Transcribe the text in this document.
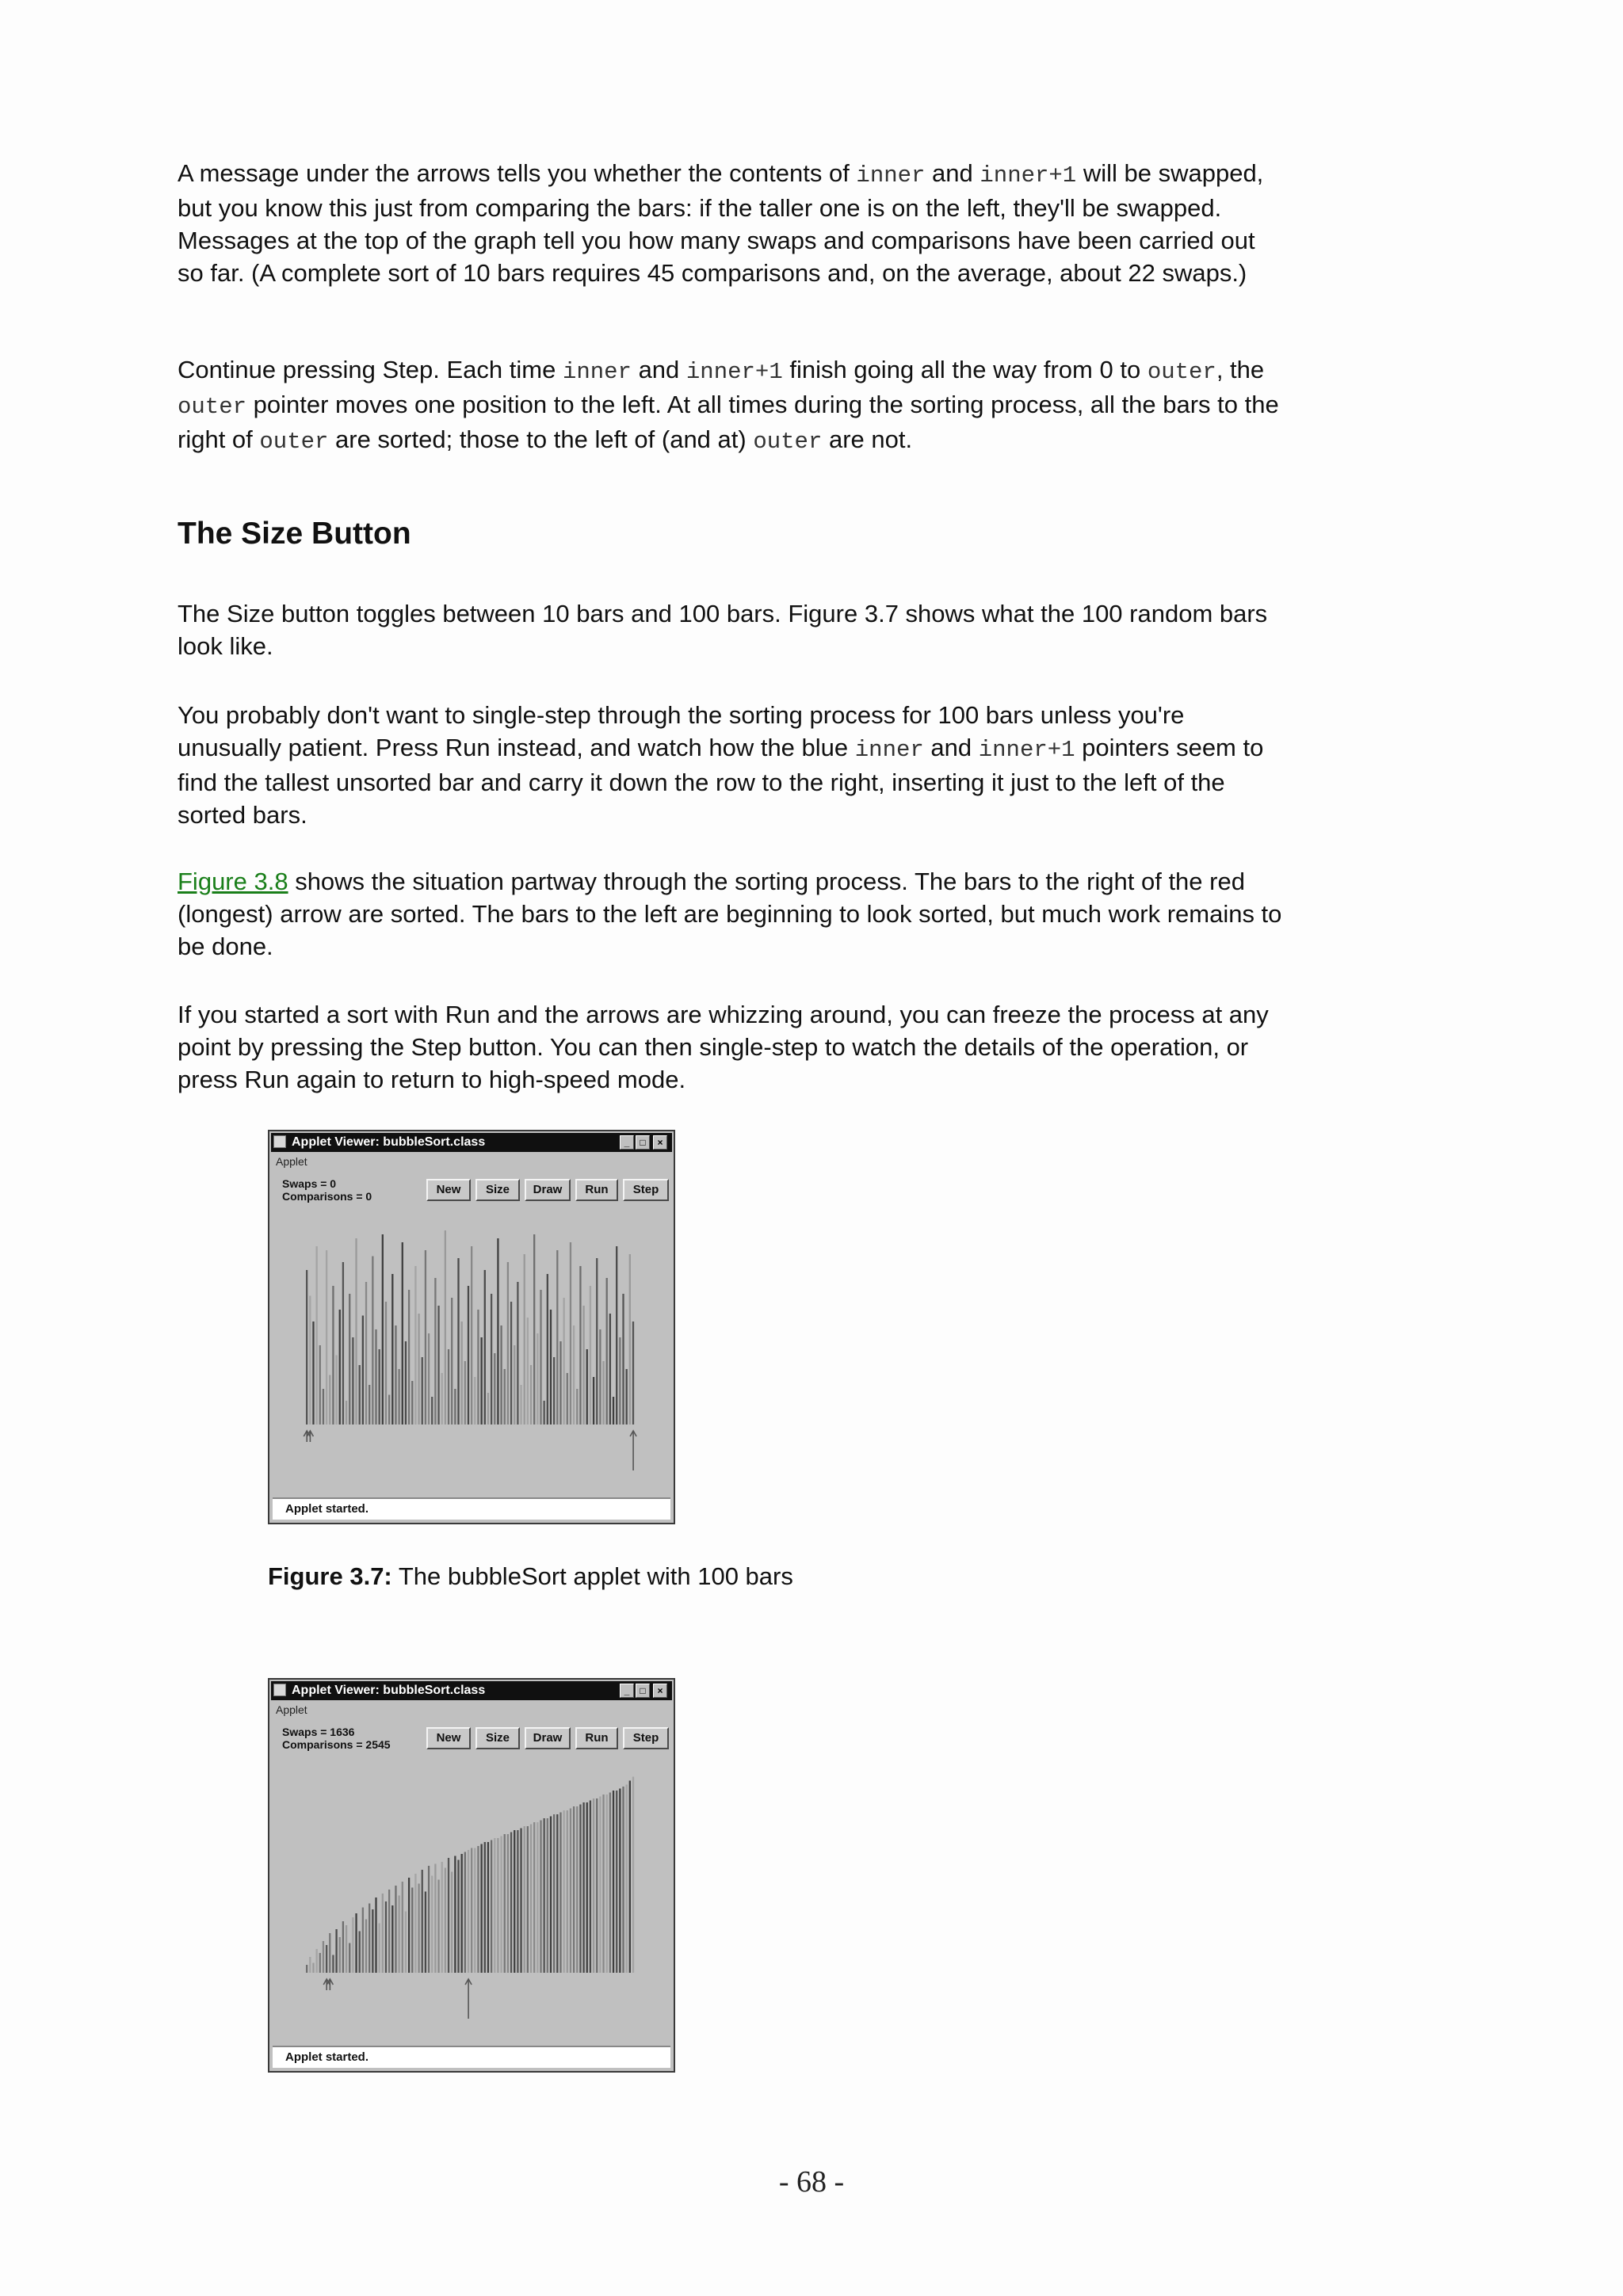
A message under the arrows tells you whether the contents of inner and inner+1 will be swapped, but you know this just from comparing the bars: if the taller one is on the left, they'll be swapped. Messages at the top of the graph tell you how many swaps and comparisons have been carried out so far. (A complete sort of 10 bars requires 45 comparisons and, on the average, about 22 swaps.)

Continue pressing Step. Each time inner and inner+1 finish going all the way from 0 to outer, the outer pointer moves one position to the left. At all times during the sorting process, all the bars to the right of outer are sorted; those to the left of (and at) outer are not.

The Size Button

The Size button toggles between 10 bars and 100 bars. Figure 3.7 shows what the 100 random bars look like.

You probably don't want to single-step through the sorting process for 100 bars unless you're unusually patient. Press Run instead, and watch how the blue inner and inner+1 pointers seem to find the tallest unsorted bar and carry it down the row to the right, inserting it just to the left of the sorted bars.

Figure 3.8 shows the situation partway through the sorting process. The bars to the right of the red (longest) arrow are sorted. The bars to the left are beginning to look sorted, but much work remains to be done.

If you started a sort with Run and the arrows are whizzing around, you can freeze the process at any point by pressing the Step button. You can then single-step to watch the details of the operation, or press Run again to return to high-speed mode.

Applet Viewer: bubbleSort.class	_	□	×
Applet
Swaps = 0
Comparisons = 0	New	Size	Draw	Run	Step
Applet started.

Figure 3.7: The bubbleSort applet with 100 bars

Applet Viewer: bubbleSort.class	_	□	×
Applet
Swaps = 1636
Comparisons = 2545	New	Size	Draw	Run	Step
Applet started.
- 68 -
